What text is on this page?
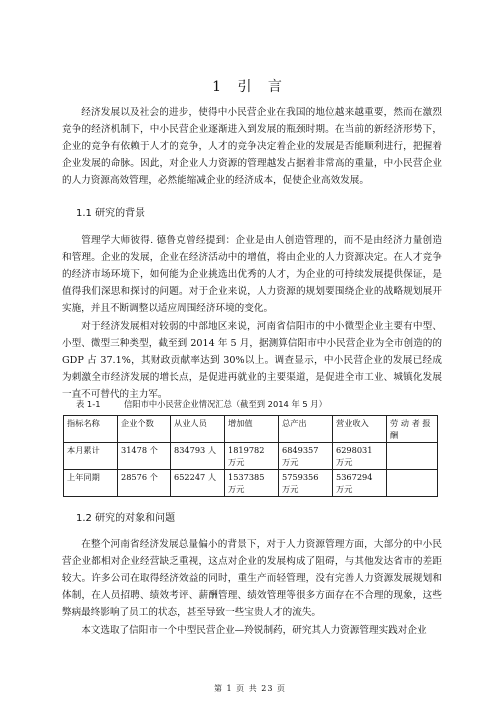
1 引 言

经济发展以及社会的进步，使得中小民营企业在我国的地位越来越重要，然而在激烈竞争的经济机制下，中小民营企业逐渐进入到发展的瓶颈时期。在当前的新经济形势下，企业的竞争有依赖于人才的竞争，人才的竞争决定着企业的发展是否能顺利进行，把握着企业发展的命脉。因此，对企业人力资源的管理越发占据着非常高的重量，中小民营企业的人力资源高效管理，必然能缩减企业的经济成本，促使企业高效发展。

1.1 研究的背景

管理学大师彼得. 德鲁克曾经提到：企业是由人创造管理的，而不是由经济力量创造和管理。企业的发展，企业在经济活动中的增值，将由企业的人力资源决定。在人才竞争的经济市场环境下，如何能为企业挑选出优秀的人才，为企业的可持续发展提供保证，是值得我们深思和探讨的问题。对于企业来说，人力资源的规划要围绕企业的战略规划展开实施，并且不断调整以适应周围经济环境的变化。

对于经济发展相对较弱的中部地区来说，河南省信阳市的中小微型企业主要有中型、小型、微型三种类型，截至到 2014 年 5 月，据测算信阳市中小民营企业为全市创造的的 GDP 占 37.1%，其财政贡献率达到 30%以上。调查显示，中小民营企业的发展已经成为刺激全市经济发展的增长点，是促进再就业的主要渠道，是促进全市工业、城镇化发展一直不可替代的主力军。

表 1-1	信阳市中小民营企业情况汇总（截至到 2014 年 5 月）
指标名称	企业个数	从业人员	增加值	总产出	营业收入	劳 动 者 报酬
本月累计	31478 个	834793 人	1819782 万元	6849357 万元	6298031 万元	
上年同期	28576 个	652247 人	1537385 万元	5759356 万元	5367294 万元	
1.2 研究的对象和问题

在整个河南省经济发展总量偏小的背景下，对于人力资源管理方面，大部分的中小民营企业都相对企业经营缺乏重视，这点对企业的发展构成了阻碍，与其他发达省市的差距较大。许多公司在取得经济效益的同时，重生产而轻管理，没有完善人力资源发展规划和体制，在人员招聘、绩效考评、薪酬管理、绩效管理等很多方面存在不合理的现象，这些弊病最终影响了员工的状态，甚至导致一些宝贵人才的流失。

本文选取了信阳市一个中型民营企业—羚锐制药，研究其人力资源管理实践对企业

第 1 页 共 23 页
